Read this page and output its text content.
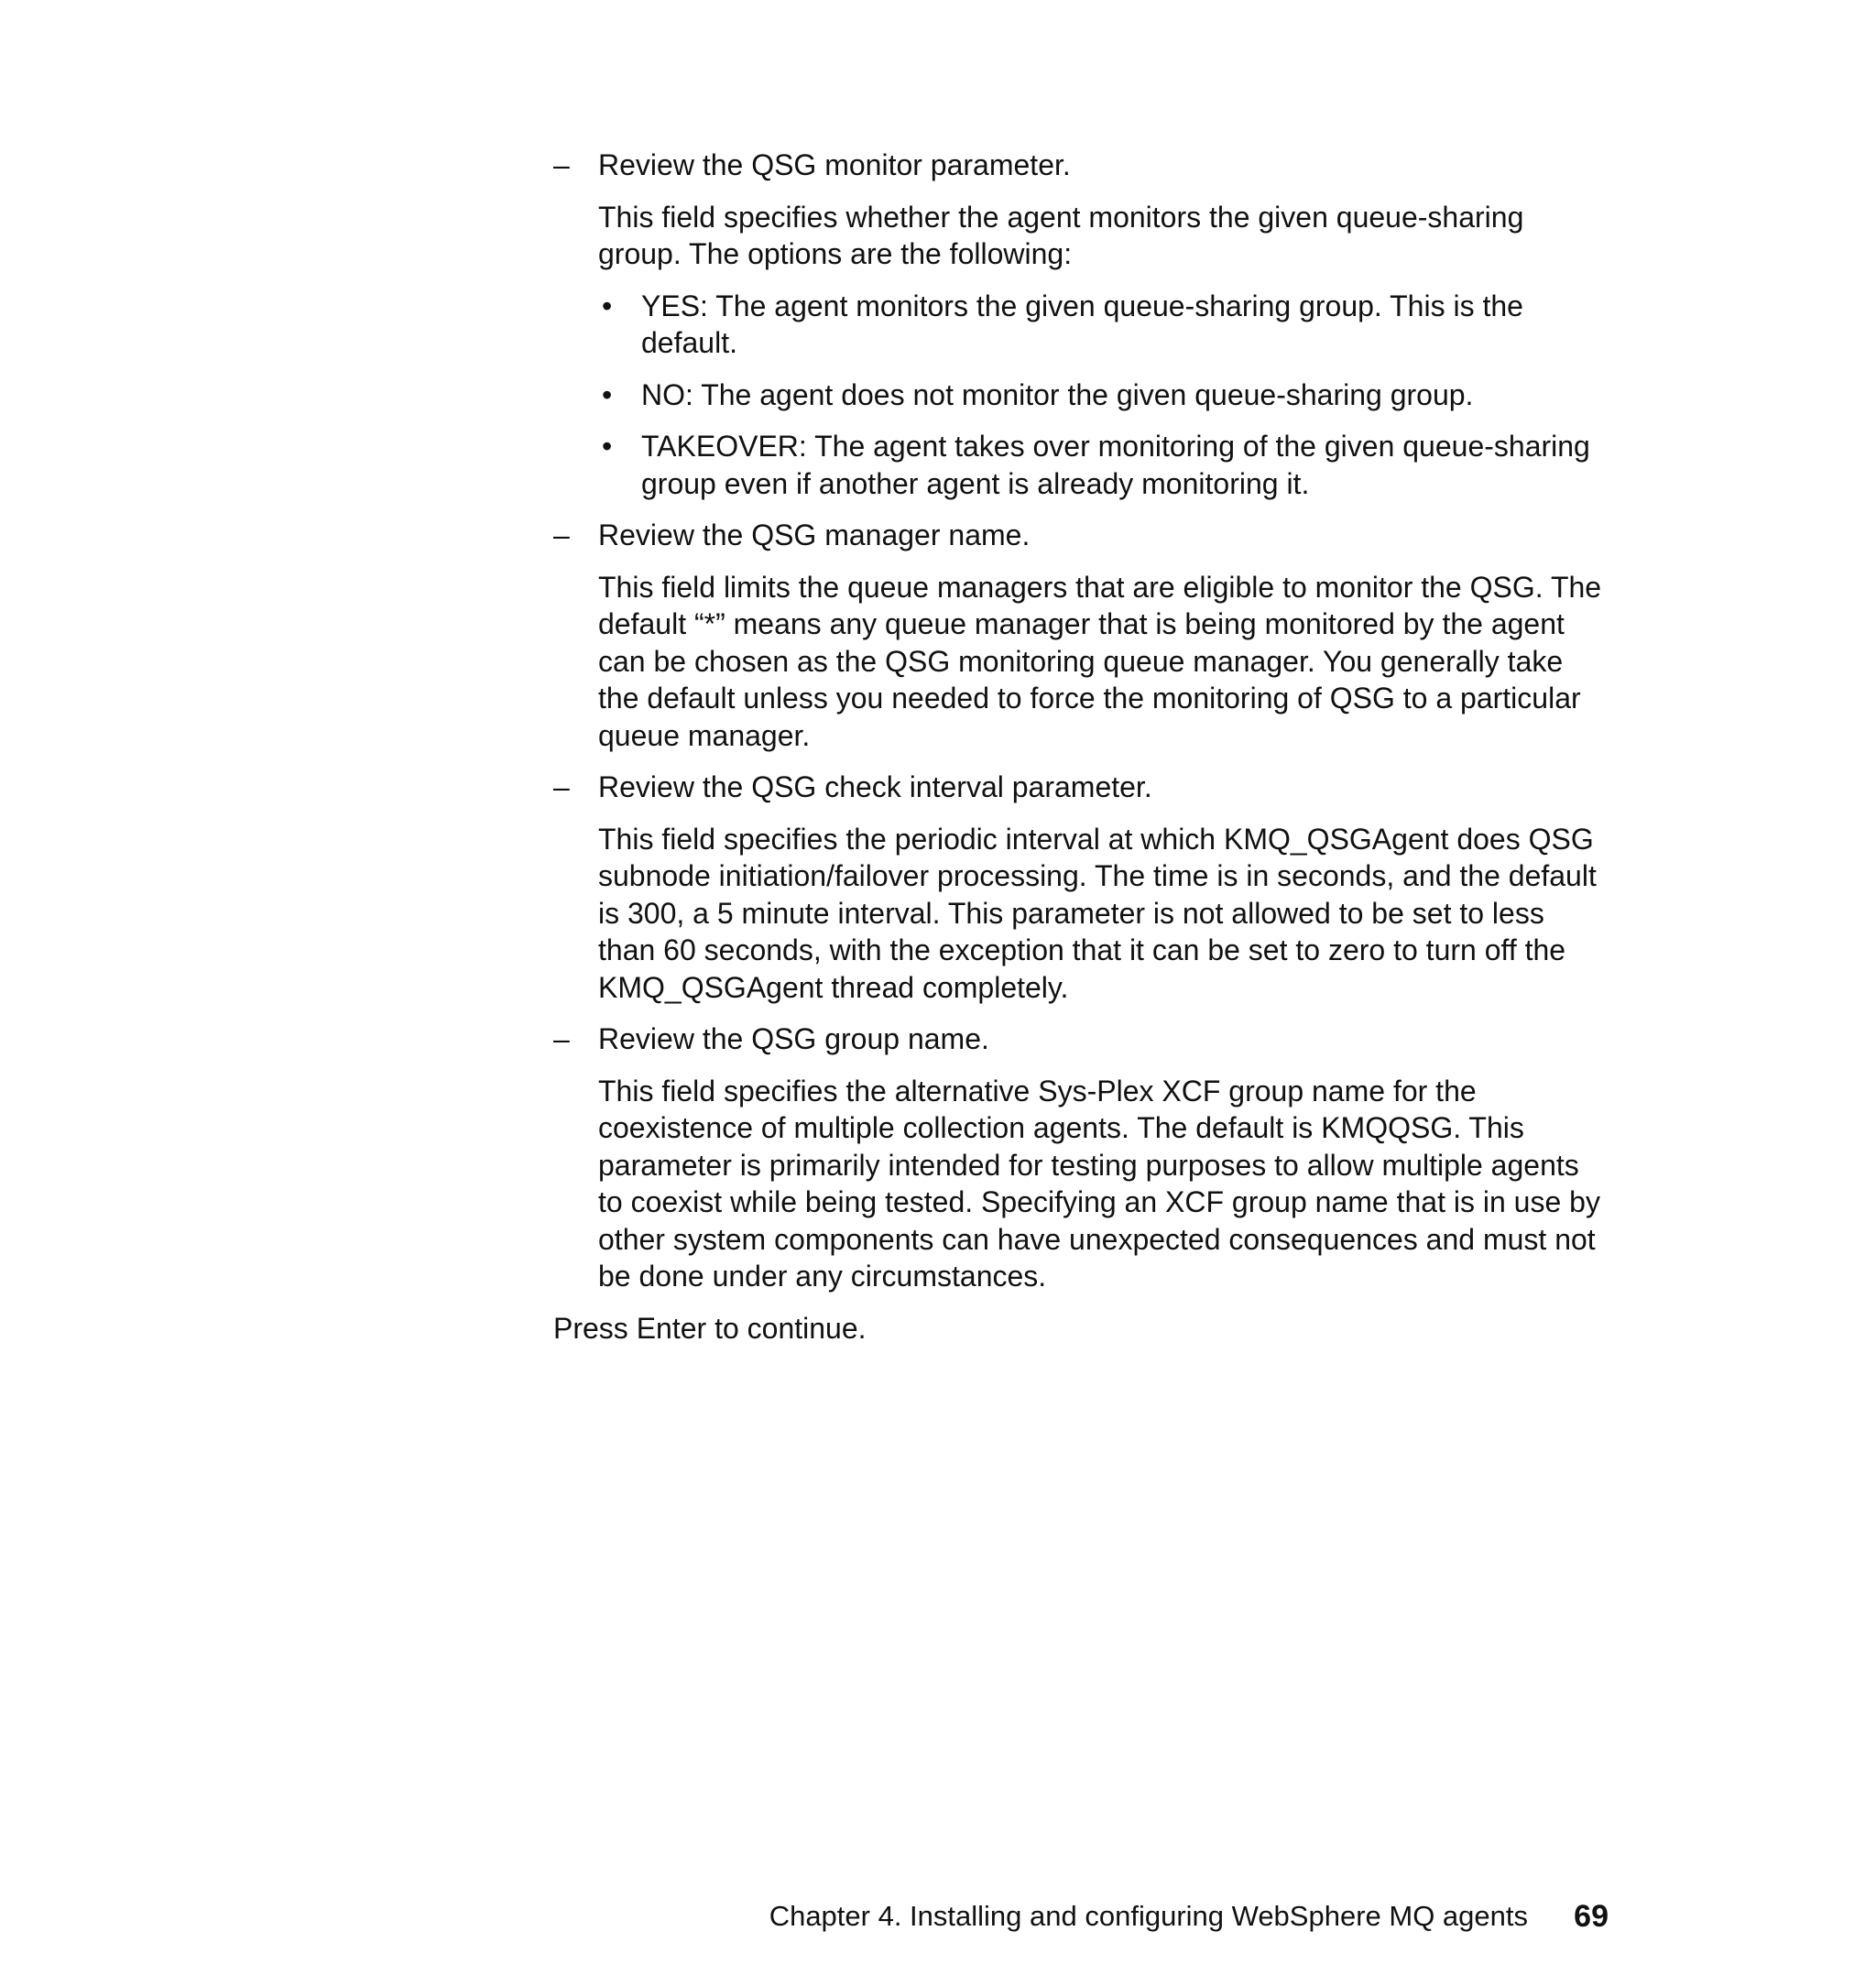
– Review the QSG monitor parameter.

This field specifies whether the agent monitors the given queue-sharing group. The options are the following:

• YES: The agent monitors the given queue-sharing group. This is the default.
• NO: The agent does not monitor the given queue-sharing group.
• TAKEOVER: The agent takes over monitoring of the given queue-sharing group even if another agent is already monitoring it.
– Review the QSG manager name.

This field limits the queue managers that are eligible to monitor the QSG. The default “*” means any queue manager that is being monitored by the agent can be chosen as the QSG monitoring queue manager. You generally take the default unless you needed to force the monitoring of QSG to a particular queue manager.

– Review the QSG check interval parameter.

This field specifies the periodic interval at which KMQ_QSGAgent does QSG subnode initiation/failover processing. The time is in seconds, and the default is 300, a 5 minute interval. This parameter is not allowed to be set to less than 60 seconds, with the exception that it can be set to zero to turn off the KMQ_QSGAgent thread completely.

– Review the QSG group name.

This field specifies the alternative Sys-Plex XCF group name for the coexistence of multiple collection agents. The default is KMQQSG. This parameter is primarily intended for testing purposes to allow multiple agents to coexist while being tested. Specifying an XCF group name that is in use by other system components can have unexpected consequences and must not be done under any circumstances.

Press Enter to continue.

Chapter 4. Installing and configuring WebSphere MQ agents 69
